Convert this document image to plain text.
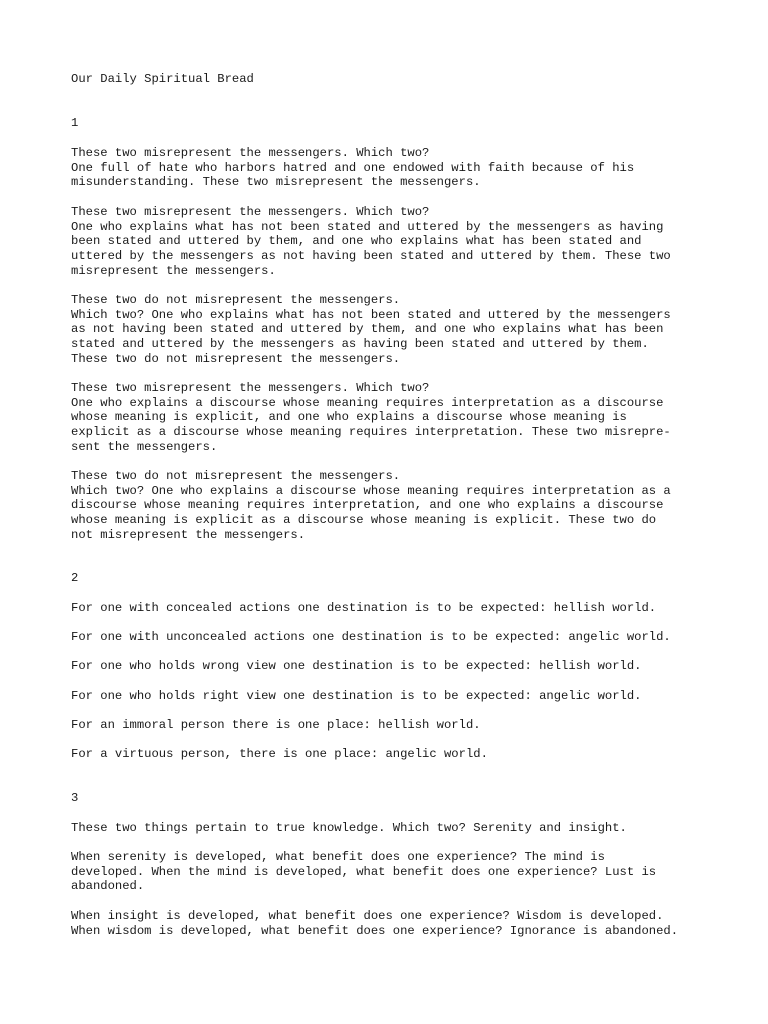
Our Daily Spiritual Bread
1
These two misrepresent the messengers. Which two?
One full of hate who harbors hatred and one endowed with faith because of his
misunderstanding. These two misrepresent the messengers.
These two misrepresent the messengers. Which two?
One who explains what has not been stated and uttered by the messengers as having
been stated and uttered by them, and one who explains what has been stated and
uttered by the messengers as not having been stated and uttered by them. These two
misrepresent the messengers.
These two do not misrepresent the messengers.
Which two? One who explains what has not been stated and uttered by the messengers
as not having been stated and uttered by them, and one who explains what has been
stated and uttered by the messengers as having been stated and uttered by them.
These two do not misrepresent the messengers.
These two misrepresent the messengers. Which two?
One who explains a discourse whose meaning requires interpretation as a discourse
whose meaning is explicit, and one who explains a discourse whose meaning is
explicit as a discourse whose meaning requires interpretation. These two misrepre-
sent the messengers.
These two do not misrepresent the messengers.
Which two? One who explains a discourse whose meaning requires interpretation as a
discourse whose meaning requires interpretation, and one who explains a discourse
whose meaning is explicit as a discourse whose meaning is explicit. These two do
not misrepresent the messengers.
2
For one with concealed actions one destination is to be expected: hellish world.
For one with unconcealed actions one destination is to be expected: angelic world.
For one who holds wrong view one destination is to be expected: hellish world.
For one who holds right view one destination is to be expected: angelic world.
For an immoral person there is one place: hellish world.
For a virtuous person, there is one place: angelic world.
3
These two things pertain to true knowledge. Which two? Serenity and insight.
When serenity is developed, what benefit does one experience? The mind is
developed. When the mind is developed, what benefit does one experience? Lust is
abandoned.
When insight is developed, what benefit does one experience? Wisdom is developed.
When wisdom is developed, what benefit does one experience? Ignorance is abandoned.
